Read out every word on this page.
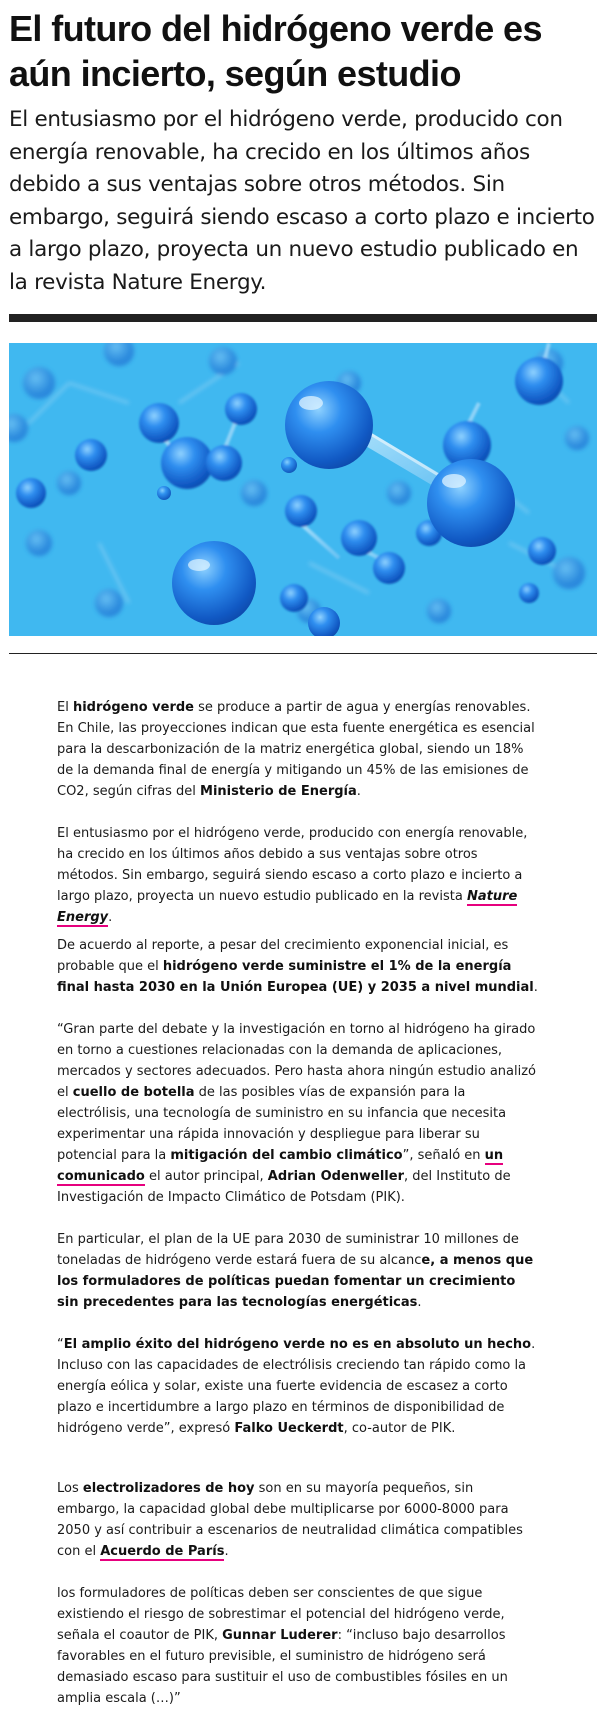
El futuro del hidrógeno verde es aún incierto, según estudio

El entusiasmo por el hidrógeno verde, producido con energía renovable, ha crecido en los últimos años debido a sus ventajas sobre otros métodos. Sin embargo, seguirá siendo escaso a corto plazo e incierto a largo plazo, proyecta un nuevo estudio publicado en la revista Nature Energy.

El hidrógeno verde se produce a partir de agua y energías renovables. En Chile, las proyecciones indican que esta fuente energética es esencial para la descarbonización de la matriz energética global, siendo un 18% de la demanda final de energía y mitigando un 45% de las emisiones de CO2, según cifras del Ministerio de Energía.

El entusiasmo por el hidrógeno verde, producido con energía renovable, ha crecido en los últimos años debido a sus ventajas sobre otros métodos. Sin embargo, seguirá siendo escaso a corto plazo e incierto a largo plazo, proyecta un nuevo estudio publicado en la revista Nature Energy.

De acuerdo al reporte, a pesar del crecimiento exponencial inicial, es probable que el hidrógeno verde suministre el 1% de la energía final hasta 2030 en la Unión Europea (UE) y 2035 a nivel mundial.

“Gran parte del debate y la investigación en torno al hidrógeno ha girado en torno a cuestiones relacionadas con la demanda de aplicaciones, mercados y sectores adecuados. Pero hasta ahora ningún estudio analizó el cuello de botella de las posibles vías de expansión para la electrólisis, una tecnología de suministro en su infancia que necesita experimentar una rápida innovación y despliegue para liberar su potencial para la mitigación del cambio climático”, señaló en un comunicado el autor principal, Adrian Odenweller, del Instituto de Investigación de Impacto Climático de Potsdam (PIK).

En particular, el plan de la UE para 2030 de suministrar 10 millones de toneladas de hidrógeno verde estará fuera de su alcance, a menos que los formuladores de políticas puedan fomentar un crecimiento sin precedentes para las tecnologías energéticas.

“El amplio éxito del hidrógeno verde no es en absoluto un hecho. Incluso con las capacidades de electrólisis creciendo tan rápido como la energía eólica y solar, existe una fuerte evidencia de escasez a corto plazo e incertidumbre a largo plazo en términos de disponibilidad de hidrógeno verde”, expresó Falko Ueckerdt, co-autor de PIK.

Los electrolizadores de hoy son en su mayoría pequeños, sin embargo, la capacidad global debe multiplicarse por 6000-8000 para 2050 y así contribuir a escenarios de neutralidad climática compatibles con el Acuerdo de París.

los formuladores de políticas deben ser conscientes de que sigue existiendo el riesgo de sobrestimar el potencial del hidrógeno verde, señala el coautor de PIK, Gunnar Luderer: “incluso bajo desarrollos favorables en el futuro previsible, el suministro de hidrógeno será demasiado escaso para sustituir el uso de combustibles fósiles en un amplia escala (…)”
